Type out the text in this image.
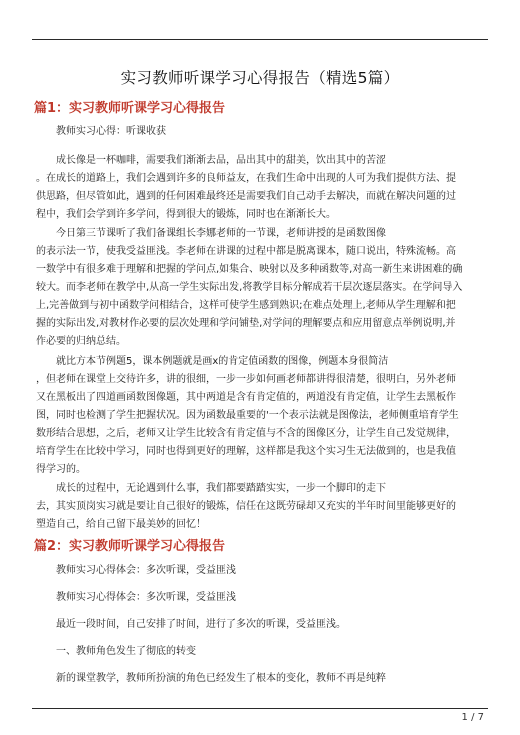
实习教师听课学习心得报告（精选5篇）
篇1：实习教师听课学习心得报告

教师实习心得：听课收获

成长像是一杯咖啡，需要我们渐渐去品，品出其中的甜美，饮出其中的苦涩
。在成长的道路上，我们会遇到许多的良师益友，在我们生命中出现的人可为我们提供方法、提
供思路，但尽管如此，遇到的任何困难最终还是需要我们自己动手去解决，而就在解决问题的过
程中，我们会学到许多学问，得到很大的锻炼，同时也在渐渐长大。

今日第三节课听了我们备课组长李娜老师的一节课，老师讲授的是函数图像
的表示法一节，使我受益匪浅。李老师在讲课的过程中都是脱离课本，随口说出，特殊流畅。高
一数学中有很多难于理解和把握的学问点,如集合、映射以及多种函数等,对高一新生来讲困难的确
较大。而李老师在教学中,从高一学生实际出发,将教学目标分解成若干层次逐层落实。在学问导入
上,完善做到与初中函数学问相结合，这样可使学生感到熟识;在难点处理上,老师从学生理解和把
握的实际出发,对教材作必要的层次处理和学问铺垫,对学问的理解要点和应用留意点举例说明,并
作必要的归纳总结。

就比方本节例题5，课本例题就是画x的肯定值函数的图像，例题本身很简洁
，但老师在课堂上交待许多，讲的很细，一步一步如何画老师都讲得很清楚，很明白，另外老师
又在黑板出了四道画函数图像题，其中两道是含有肯定值的，两道没有肯定值，让学生去黑板作
图，同时也检测了学生把握状况。因为函数最重要的'一个表示法就是图像法，老师侧重培育学生
数形结合思想，之后，老师又让学生比较含有肯定值与不含的图像区分，让学生自己发觉规律，
培育学生在比较中学习，同时也得到更好的理解，这样都是我这个实习生无法做到的，也是我值
得学习的。

成长的过程中，无论遇到什么事，我们都要踏踏实实，一步一个脚印的走下
去，其实顶岗实习就是要让自己很好的锻炼，信任在这既劳碌却又充实的半年时间里能够更好的
塑造自己，给自己留下最美妙的回忆！

篇2：实习教师听课学习心得报告

教师实习心得体会：多次听课，受益匪浅

教师实习心得体会：多次听课，受益匪浅

最近一段时间，自己安排了时间，进行了多次的听课，受益匪浅。

一、教师角色发生了彻底的转变

新的课堂教学，教师所扮演的角色已经发生了根本的变化，教师不再是纯粹

1 / 7
